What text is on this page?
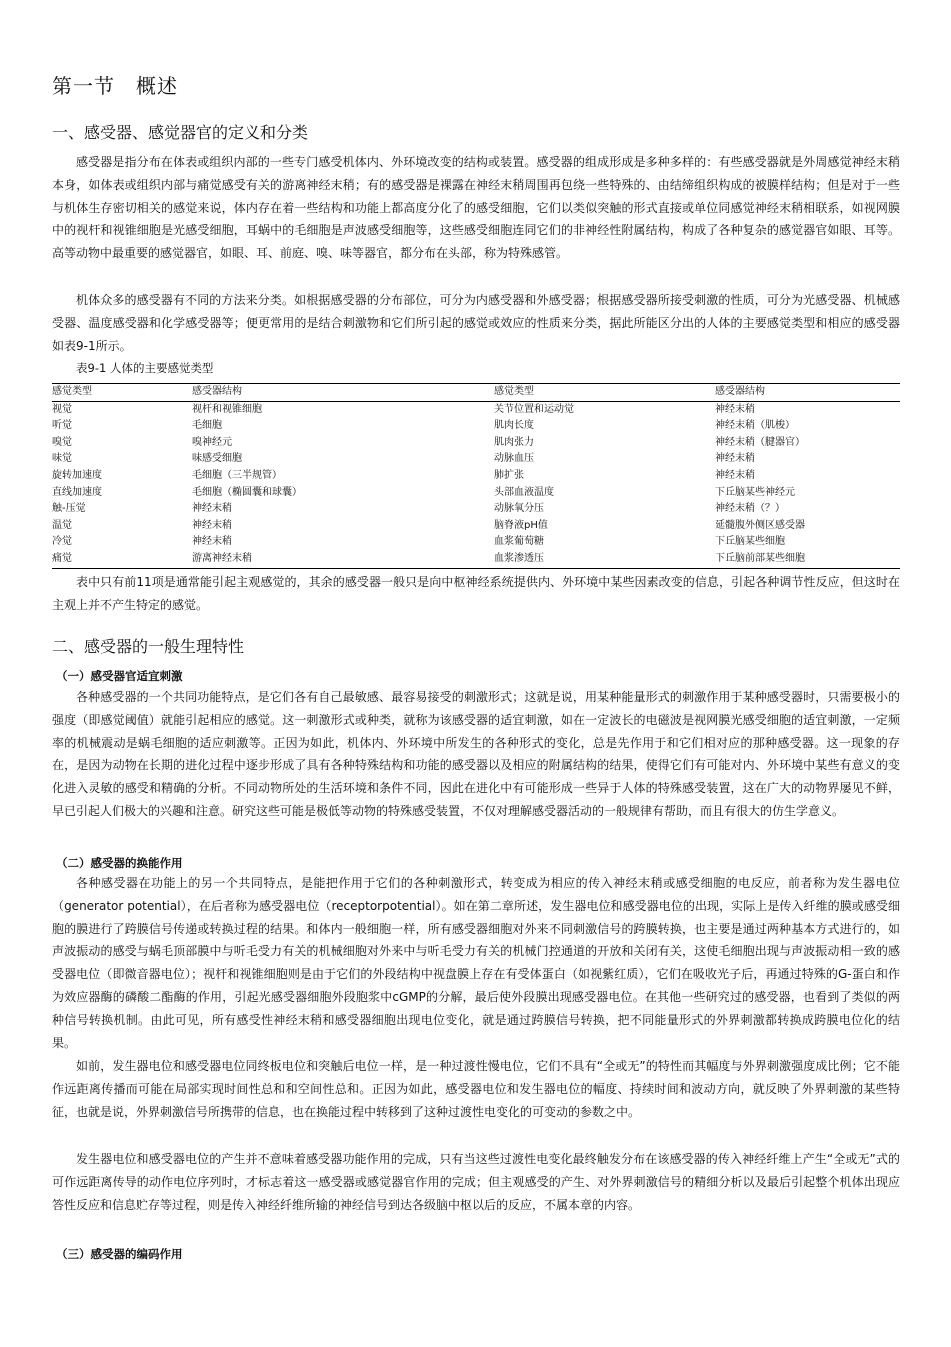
第一节　概述
一、感受器、感觉器官的定义和分类

感受器是指分布在体表或组织内部的一些专门感受机体内、外环境改变的结构或装置。感受器的组成形成是多种多样的：有些感受器就是外周感觉神经末稍本身，如体表或组织内部与痛觉感受有关的游离神经末稍；有的感受器是裸露在神经末稍周围再包绕一些特殊的、由结缔组织构成的被膜样结构；但是对于一些与机体生存密切相关的感觉来说，体内存在着一些结构和功能上都高度分化了的感受细胞，它们以类似突触的形式直接或单位同感觉神经末稍相联系，如视网膜中的视杆和视锥细胞是光感受细胞，耳蜗中的毛细胞是声波感受细胞等，这些感受细胞连同它们的非神经性附属结构，构成了各种复杂的感觉器官如眼、耳等。高等动物中最重要的感觉器官，如眼、耳、前庭、嗅、味等器官，都分布在头部，称为特殊感管。

机体众多的感受器有不同的方法来分类。如根据感受器的分布部位，可分为内感受器和外感受器；根据感受器所接受刺激的性质，可分为光感受器、机械感受器、温度感受器和化学感受器等；便更常用的是结合刺激物和它们所引起的感觉或效应的性质来分类，据此所能区分出的人体的主要感觉类型和相应的感受器如表9-1所示。

表9-1 人体的主要感觉类型

感觉类型	感受器结构	感觉类型	感受器结构
视觉	视杆和视锥细胞	关节位置和运动觉	神经末稍
听觉	毛细胞	肌肉长度	神经末稍（肌梭）
嗅觉	嗅神经元	肌肉张力	神经末稍（腱器官）
味觉	味感受细胞	动脉血压	神经末稍
旋转加速度	毛细胞（三半规管）	肺扩张	神经末稍
直线加速度	毛细胞（椭圆囊和球囊）	头部血液温度	下丘脑某些神经元
触-压觉	神经末稍	动脉氧分压	神经末稍（？）
温觉	神经末稍	脑脊液pH值	延髓腹外侧区感受器
冷觉	神经末稍	血浆葡萄糖	下丘脑某些细胞
痛觉	游离神经末稍	血浆渗透压	下丘脑前部某些细胞

表中只有前11项是通常能引起主观感觉的，其余的感受器一般只是向中枢神经系统提供内、外环境中某些因素改变的信息，引起各种调节性反应，但这时在主观上并不产生特定的感觉。

二、感受器的一般生理特性
（一）感受器官适宜刺激

各种感受器的一个共同功能特点，是它们各有自己最敏感、最容易接受的刺激形式；这就是说，用某种能量形式的刺激作用于某种感受器时，只需要极小的强度（即感觉阈值）就能引起相应的感觉。这一刺激形式或种类，就称为该感受器的适宜刺激，如在一定波长的电磁波是视网膜光感受细胞的适宜刺激，一定频率的机械震动是蜗毛细胞的适应刺激等。正因为如此，机体内、外环境中所发生的各种形式的变化，总是先作用于和它们相对应的那种感受器。这一现象的存在，是因为动物在长期的进化过程中逐步形成了具有各种特殊结构和功能的感受器以及相应的附属结构的结果，使得它们有可能对内、外环境中某些有意义的变化进入灵敏的感受和精确的分析。不同动物所处的生活环境和条件不同，因此在进化中有可能形成一些异于人体的特殊感受装置，这在广大的动物界屡见不鲜，早已引起人们极大的兴趣和注意。研究这些可能是极低等动物的特殊感受装置，不仅对理解感受器活动的一般规律有帮助，而且有很大的仿生学意义。

（二）感受器的换能作用

各种感受器在功能上的另一个共同特点，是能把作用于它们的各种刺激形式，转变成为相应的传入神经末稍或感受细胞的电反应，前者称为发生器电位（generator potential），在后者称为感受器电位（receptorpotential）。如在第二章所述，发生器电位和感受器电位的出现，实际上是传入纤维的膜或感受细胞的膜进行了跨膜信号传递或转换过程的结果。和体内一般细胞一样，所有感受器细胞对外来不同刺激信号的跨膜转换，也主要是通过两种基本方式进行的，如声波振动的感受与蜗毛顶部膜中与听毛受力有关的机械细胞对外来中与听毛受力有关的机械门控通道的开放和关闭有关，这使毛细胞出现与声波振动相一致的感受器电位（即微音器电位）；视杆和视锥细胞则是由于它们的外段结构中视盘膜上存在有受体蛋白（如视紫红质），它们在吸收光子后，再通过特殊的G-蛋白和作为效应器酶的磷酸二酯酶的作用，引起光感受器细胞外段胞浆中cGMP的分解，最后使外段膜出现感受器电位。在其他一些研究过的感受器，也看到了类似的两种信号转换机制。由此可见，所有感受性神经末稍和感受器细胞出现电位变化，就是通过跨膜信号转换，把不同能量形式的外界刺激都转换成跨膜电位化的结果。

如前，发生器电位和感受器电位同终板电位和突触后电位一样，是一种过渡性慢电位，它们不具有“全或无”的特性而其幅度与外界刺激强度成比例；它不能作远距离传播而可能在局部实现时间性总和和空间性总和。正因为如此，感受器电位和发生器电位的幅度、持续时间和波动方向，就反映了外界刺激的某些特征，也就是说，外界刺激信号所携带的信息，也在换能过程中转移到了这种过渡性电变化的可变动的参数之中。

发生器电位和感受器电位的产生并不意味着感受器功能作用的完成，只有当这些过渡性电变化最终触发分布在该感受器的传入神经纤维上产生“全或无”式的可作远距离传导的动作电位序列时，才标志着这一感受器或感觉器官作用的完成；但主观感受的产生、对外界刺激信号的精细分析以及最后引起整个机体出现应答性反应和信息贮存等过程，则是传入神经纤维所输的神经信号到达各级脑中枢以后的反应，不属本章的内容。

（三）感受器的编码作用
